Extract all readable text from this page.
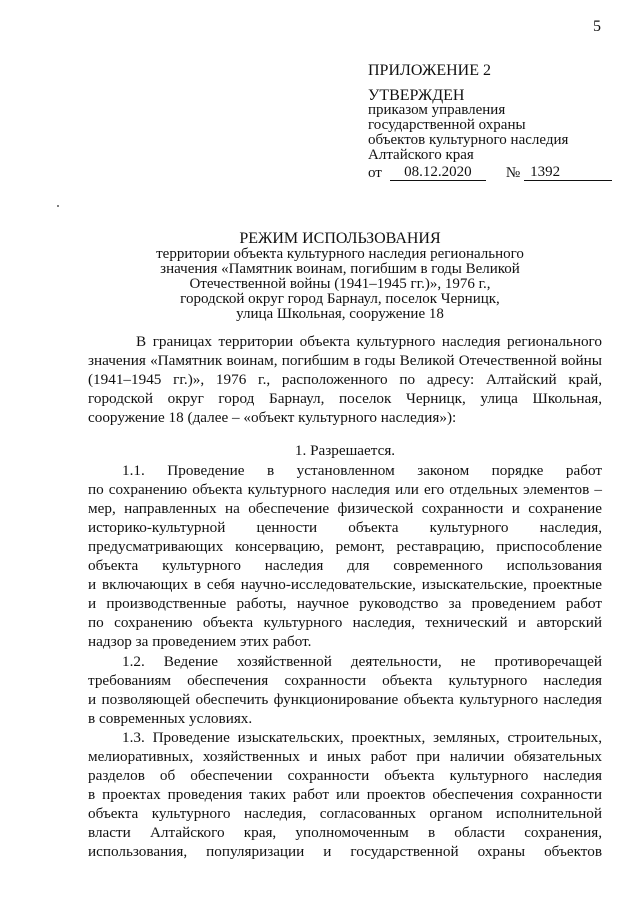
5
ПРИЛОЖЕНИЕ 2
УТВЕРЖДЕН
приказом управления
государственной охраны
объектов культурного наследия
Алтайского края
от	08.12.2020	№ 1392
РЕЖИМ ИСПОЛЬЗОВАНИЯ
территории объекта культурного наследия регионального
значения «Памятник воинам, погибшим в годы Великой
Отечественной войны (1941–1945 гг.)», 1976 г.,
городской округ город Барнаул, поселок Черницк,
улица Школьная, сооружение 18

В границах территории объекта культурного наследия регионального

значения «Памятник воинам, погибшим в годы Великой Отечественной войны

(1941–1945 гг.)», 1976 г., расположенного по адресу: Алтайский край,

городской округ город Барнаул, поселок Черницк, улица Школьная,

сооружение 18 (далее – «объект культурного наследия»):

1. Разрешается.

1.1. Проведение в установленном законом порядке работ

по сохранению объекта культурного наследия или его отдельных элементов –

мер, направленных на обеспечение физической сохранности и сохранение

историко-культурной ценности объекта культурного наследия,

предусматривающих консервацию, ремонт, реставрацию, приспособление

объекта культурного наследия для современного использования

и включающих в себя научно-исследовательские, изыскательские, проектные

и производственные работы, научное руководство за проведением работ

по сохранению объекта культурного наследия, технический и авторский

надзор за проведением этих работ.

1.2. Ведение хозяйственной деятельности, не противоречащей

требованиям обеспечения сохранности объекта культурного наследия

и позволяющей обеспечить функционирование объекта культурного наследия

в современных условиях.

1.3. Проведение изыскательских, проектных, земляных, строительных,

мелиоративных, хозяйственных и иных работ при наличии обязательных

разделов об обеспечении сохранности объекта культурного наследия

в проектах проведения таких работ или проектов обеспечения сохранности

объекта культурного наследия, согласованных органом исполнительной

власти Алтайского края, уполномоченным в области сохранения,

использования, популяризации и государственной охраны объектов
